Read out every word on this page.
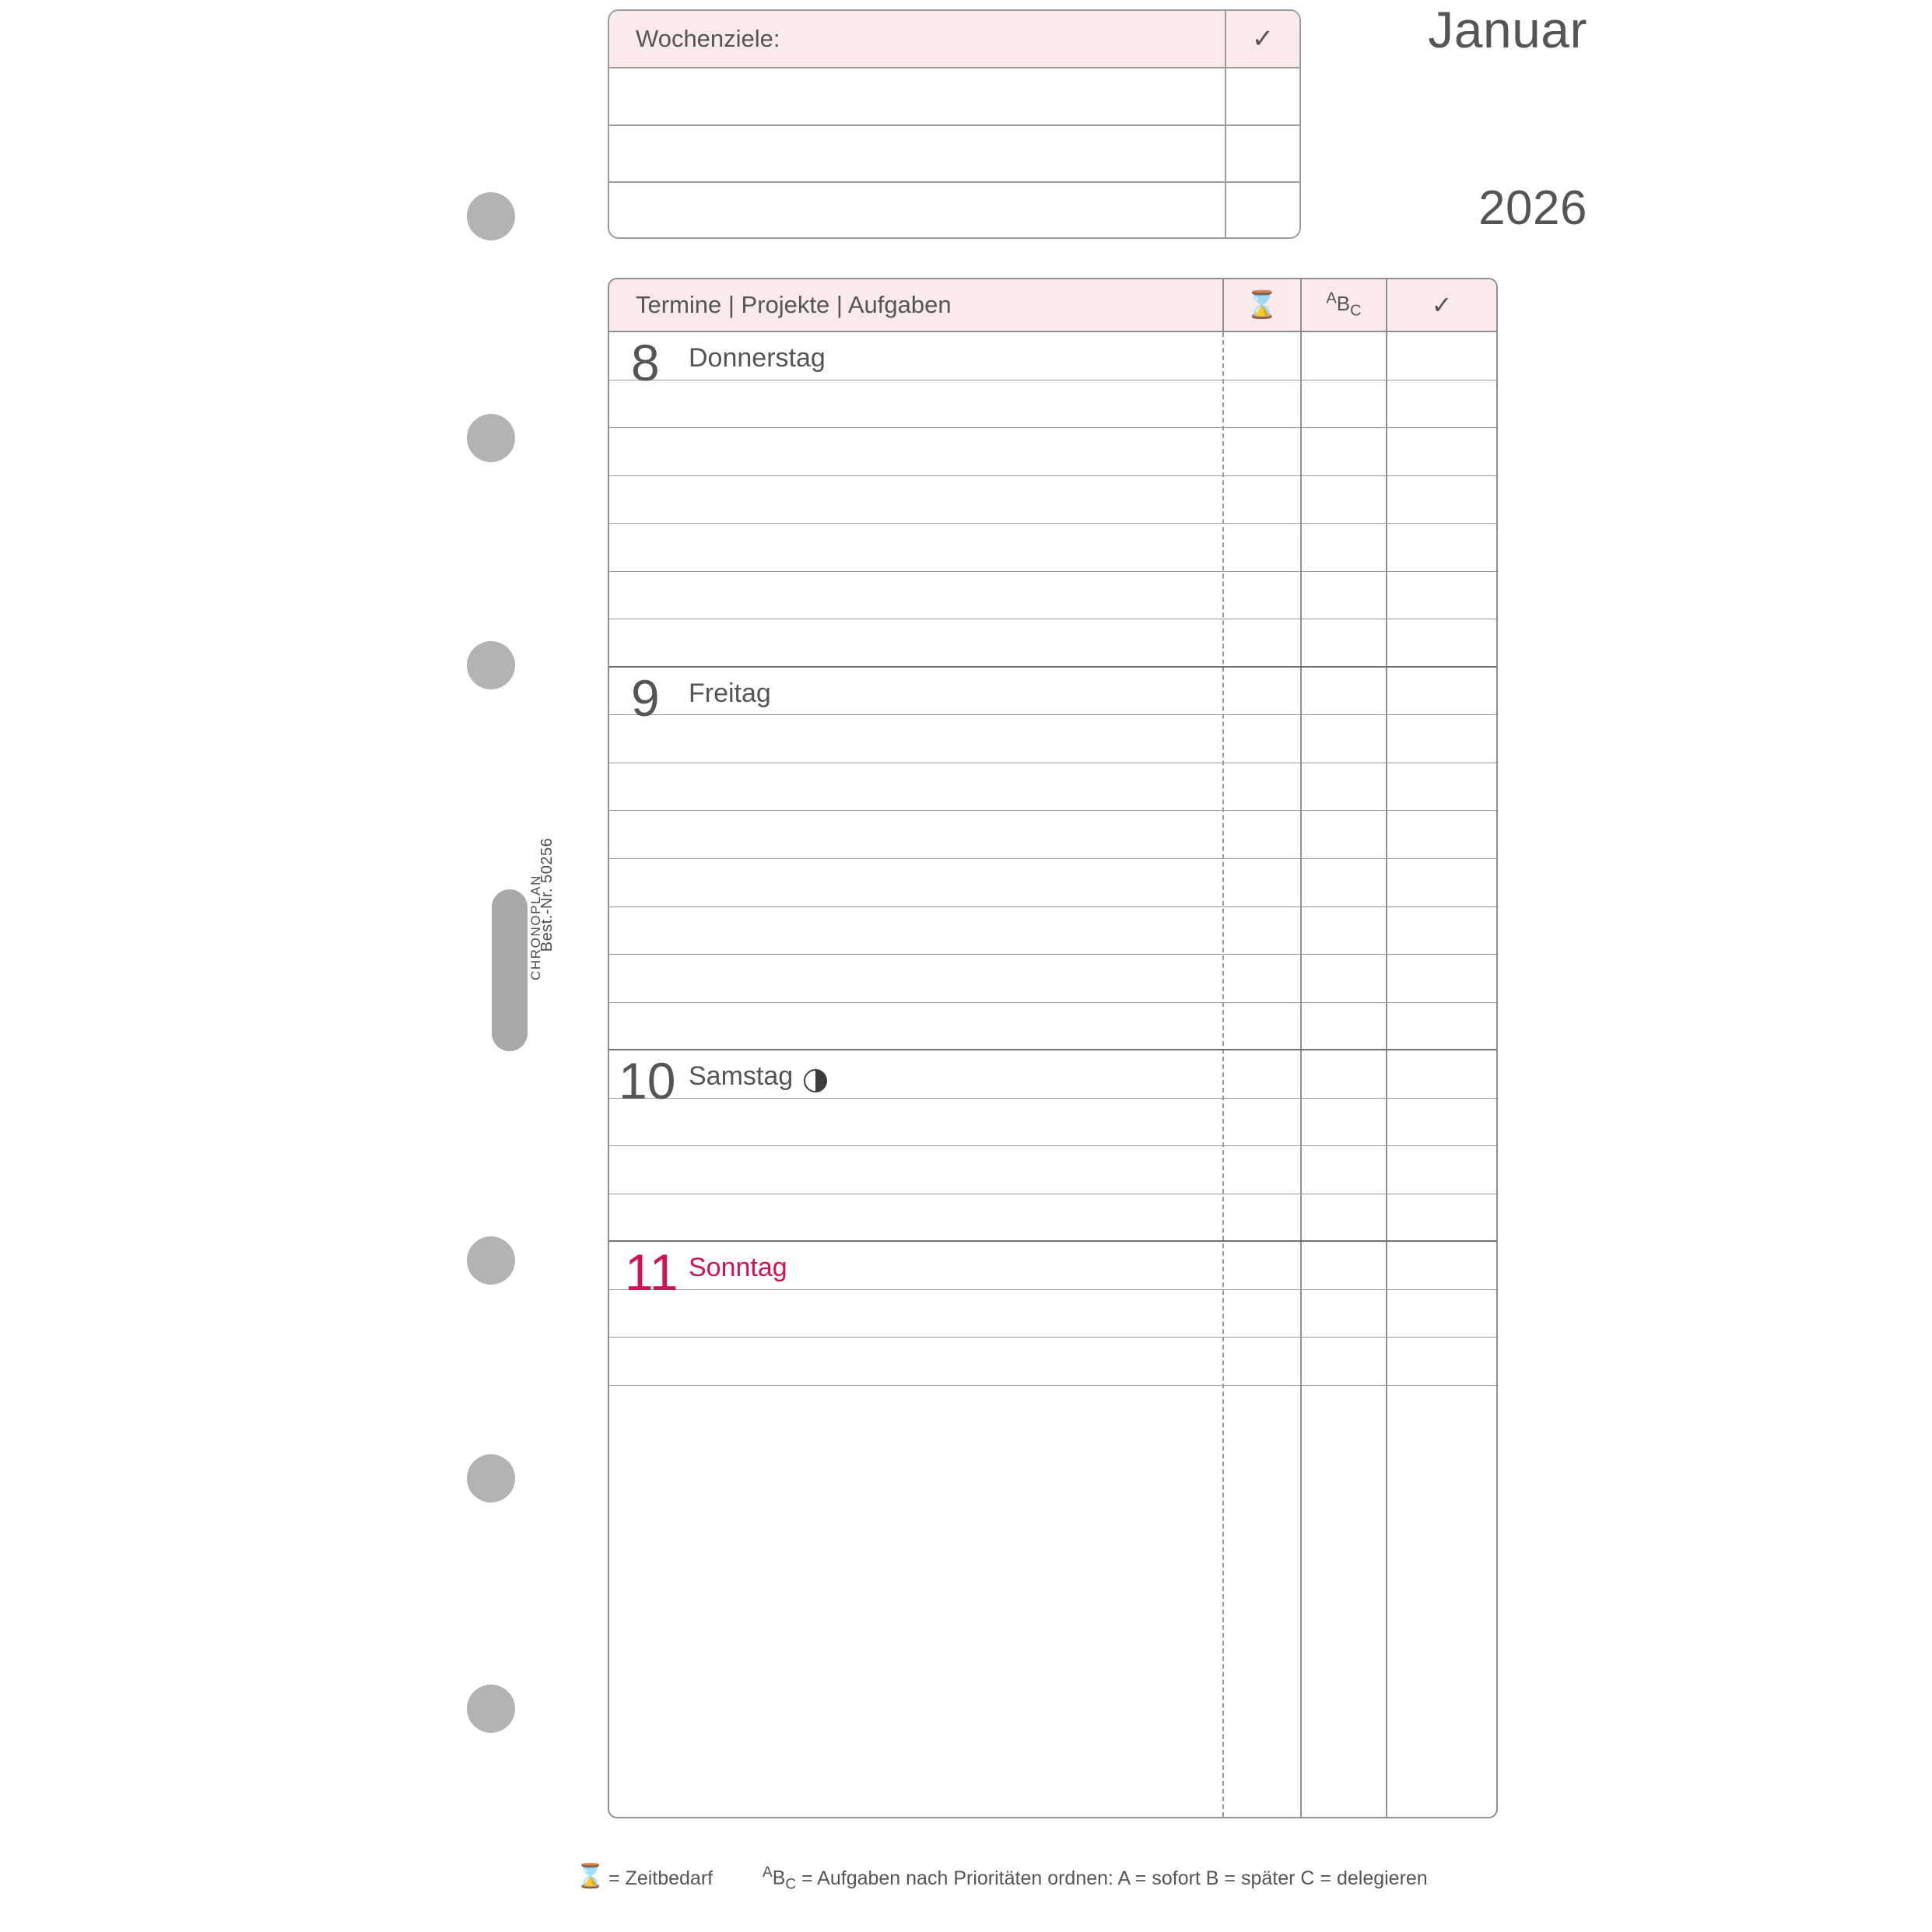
Best.-Nr. 50256
CHRONOPLAN
Januar
2026
Wochenziele:	✓
Termine | Projekte | Aufgaben	⌛	$^AB_C$	✓
8 Donnerstag
9 Freitag
10 Samstag
11 Sonntag
⌛ = Zeitbedarf	$^AB_C$ = Aufgaben nach Prioritäten ordnen: A = sofort B = später C = delegieren
